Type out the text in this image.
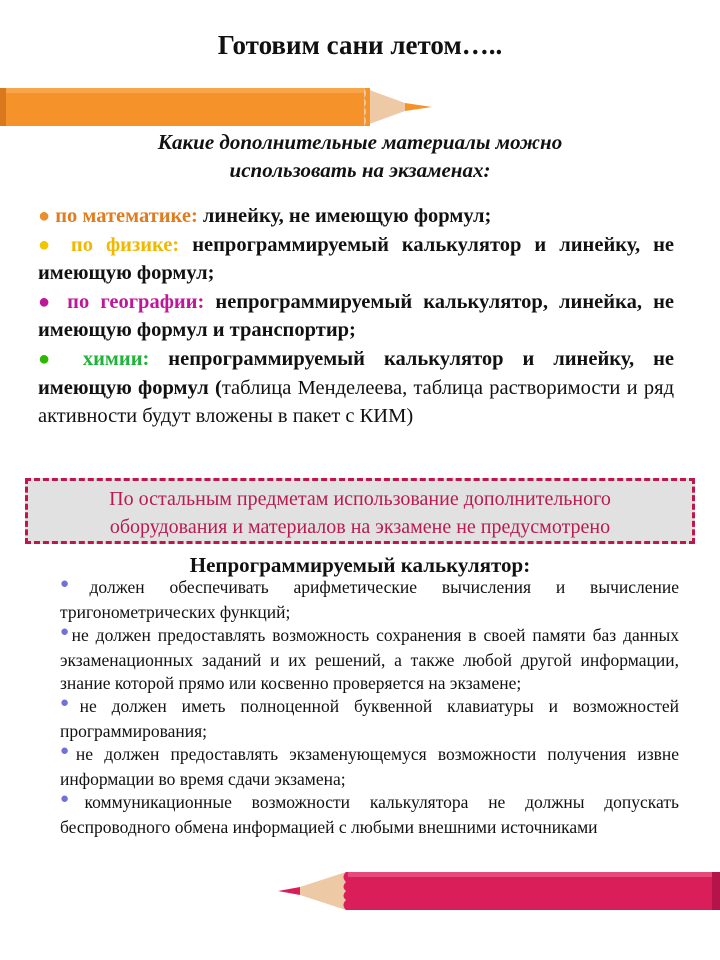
Готовим сани летом…..
Какие дополнительные материалы можно
использовать на экзаменах:

● по математике: линейку, не имеющую формул;

● по физике: непрограммируемый калькулятор и линейку, не имеющую формул;

● по географии: непрограммируемый калькулятор, линейка, не имеющую формул и транспортир;

● химии: непрограммируемый калькулятор и линейку, не имеющую формул (таблица Менделеева, таблица растворимости и ряд активности будут вложены в пакет с КИМ)

По остальным предметам использование дополнительного
оборудования и материалов на экзамене не предусмотрено
Непрограммируемый калькулятор:

●должен обеспечивать арифметические вычисления и вычисление тригонометрических функций;

●не должен предоставлять возможность сохранения в своей памяти баз данных экзаменационных заданий и их решений, а также любой другой информации, знание которой прямо или косвенно проверяется на экзамене;

●не должен иметь полноценной буквенной клавиатуры и возможностей программирования;

●не должен предоставлять экзаменующемуся возможности получения извне информации во время сдачи экзамена;

●коммуникационные возможности калькулятора не должны допускать беспроводного обмена информацией с любыми внешними источниками
